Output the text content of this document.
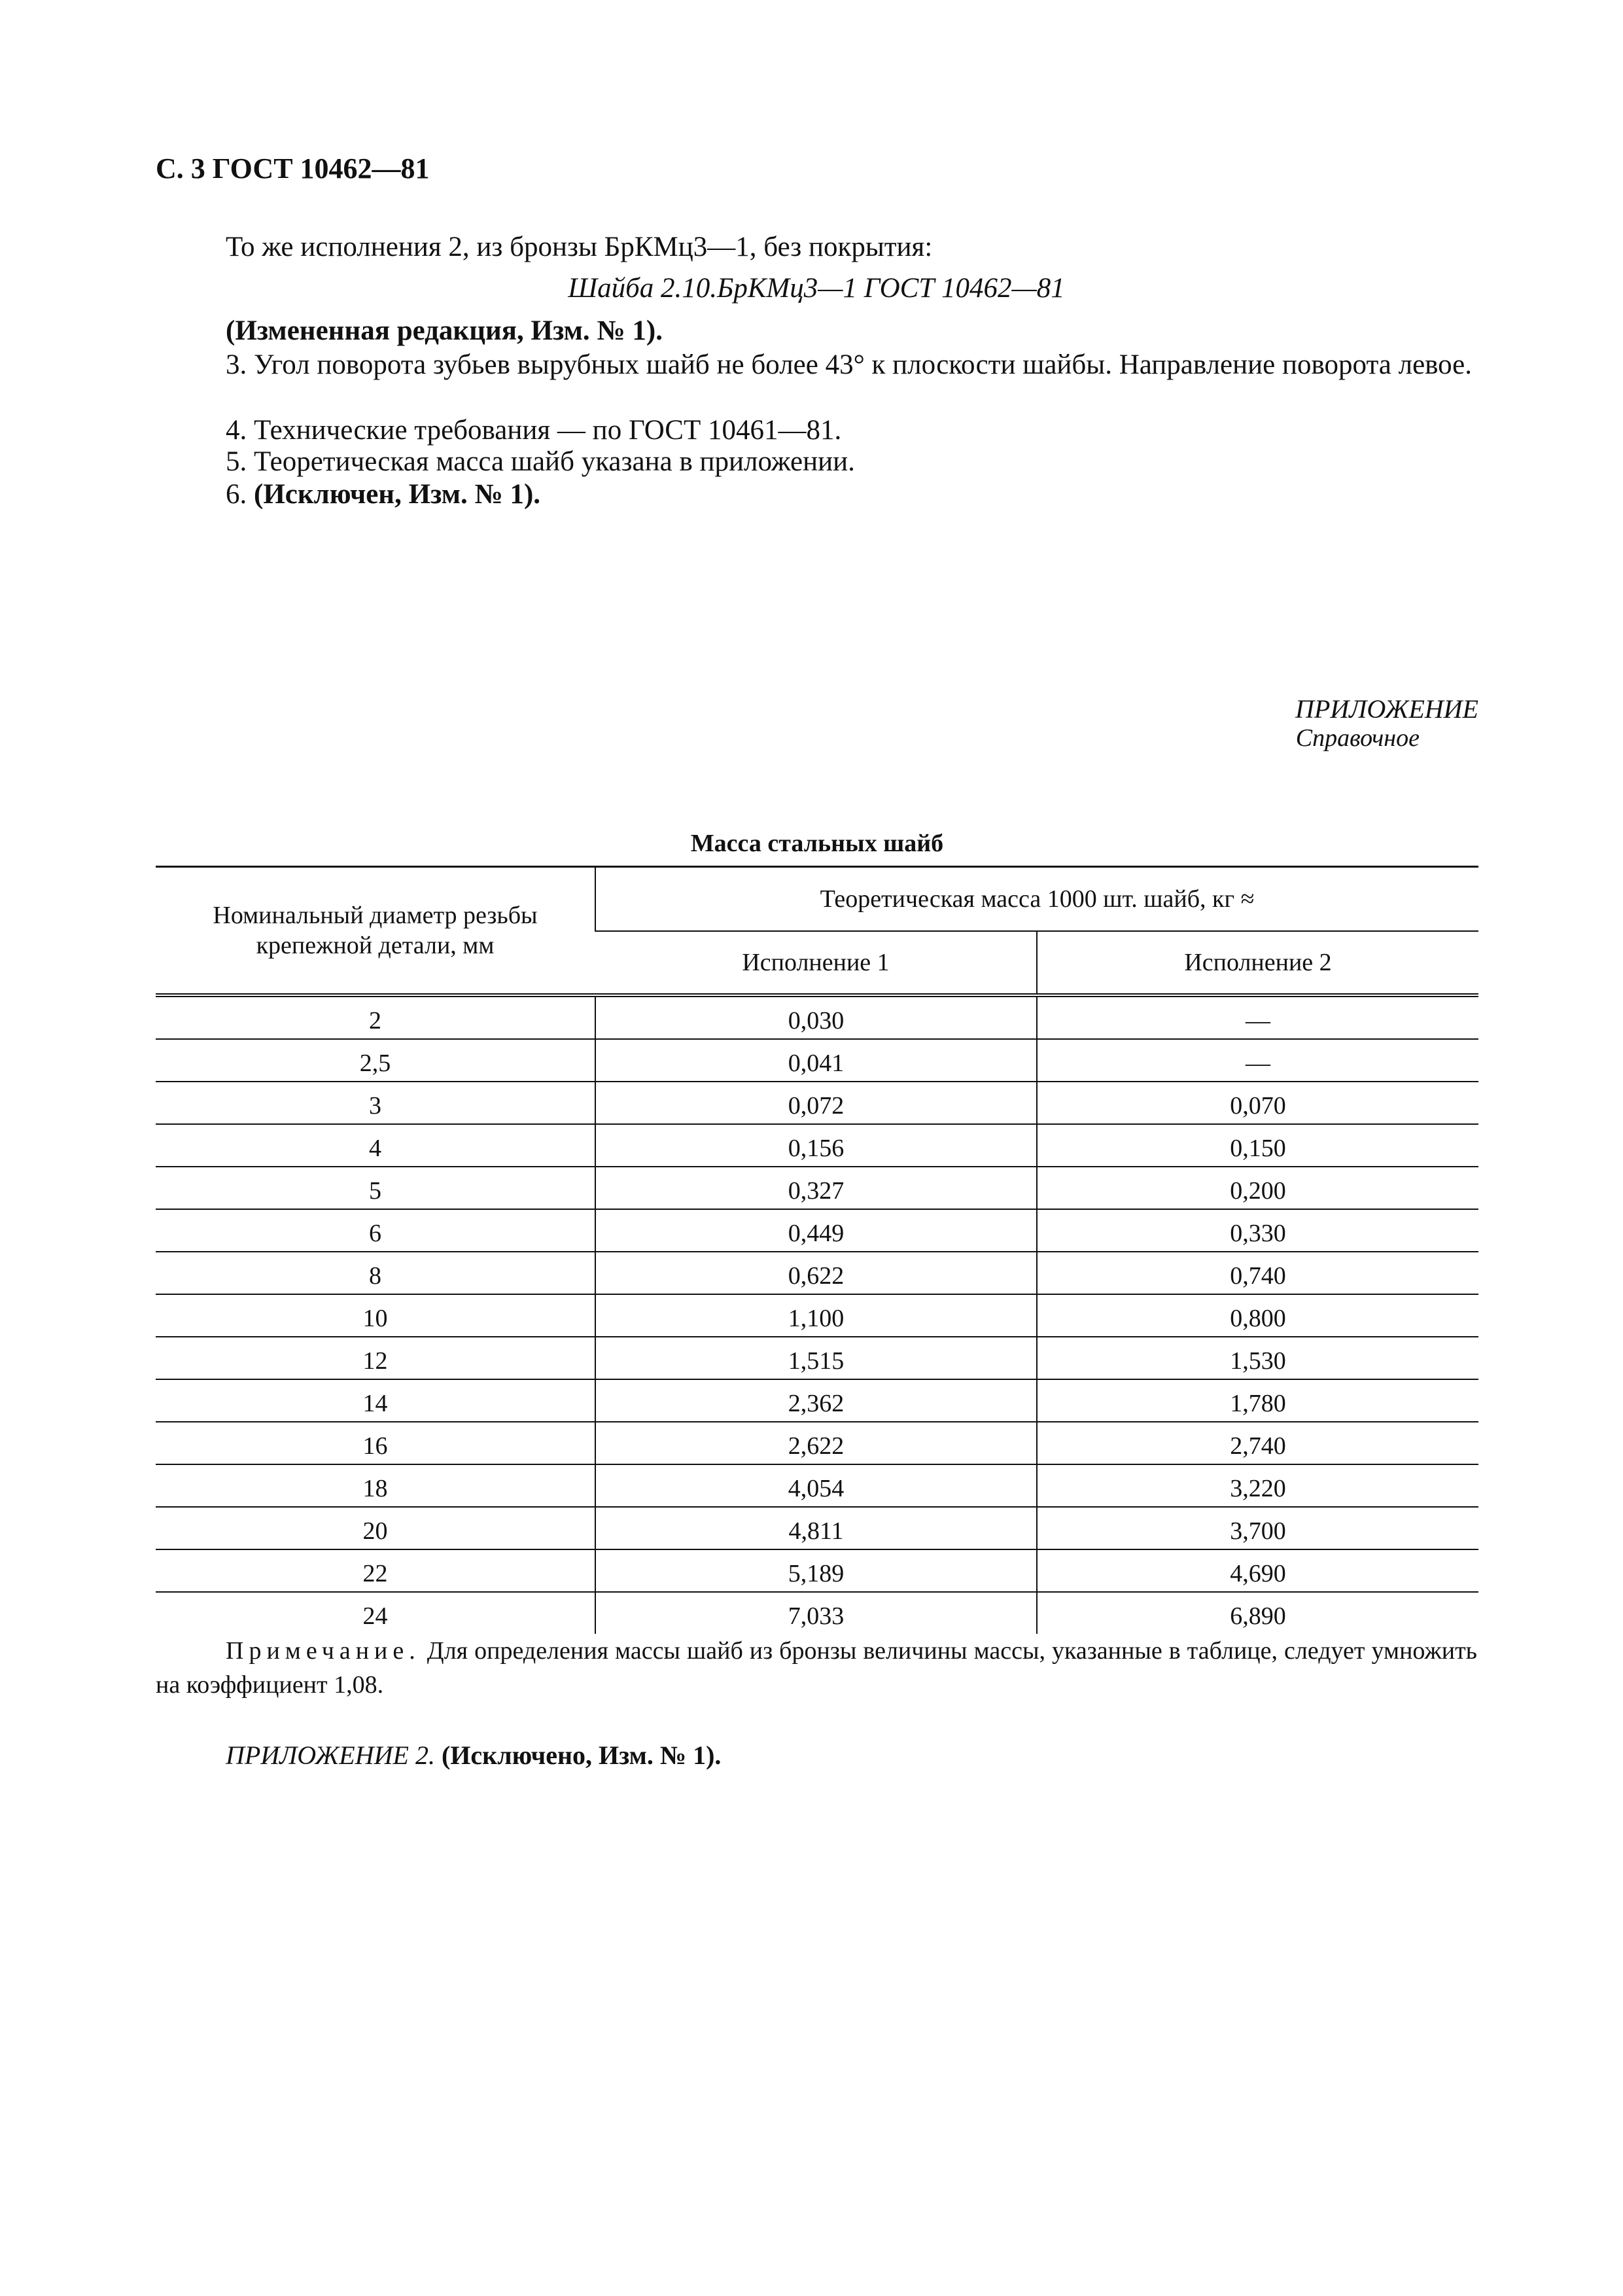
С. 3 ГОСТ 10462—81

То же исполнения 2, из бронзы БрКМц3—1, без покрытия:

Шайба 2.10.БрКМц3—1 ГОСТ 10462—81

(Измененная редакция, Изм. № 1).

3. Угол поворота зубьев вырубных шайб не более 43° к плоскости шайбы. Направление поворота левое.

4. Технические требования — по ГОСТ 10461—81.

5. Теоретическая масса шайб указана в приложении.

6. (Исключен, Изм. № 1).

ПРИЛОЖЕНИЕ
Справочное
Масса стальных шайб
Номинальный диаметр резьбы крепежной детали, мм	Теоретическая масса 1000 шт. шайб, кг ≈	
	Исполнение 1	Исполнение 2
2	0,030	—
2,5	0,041	—
3	0,072	0,070
4	0,156	0,150
5	0,327	0,200
6	0,449	0,330
8	0,622	0,740
10	1,100	0,800
12	1,515	1,530
14	2,362	1,780
16	2,622	2,740
18	4,054	3,220
20	4,811	3,700
22	5,189	4,690
24	7,033	6,890

Примечание. Для определения массы шайб из бронзы величины массы, указанные в таблице, следует умножить на коэффициент 1,08.

ПРИЛОЖЕНИЕ 2. (Исключено, Изм. № 1).
